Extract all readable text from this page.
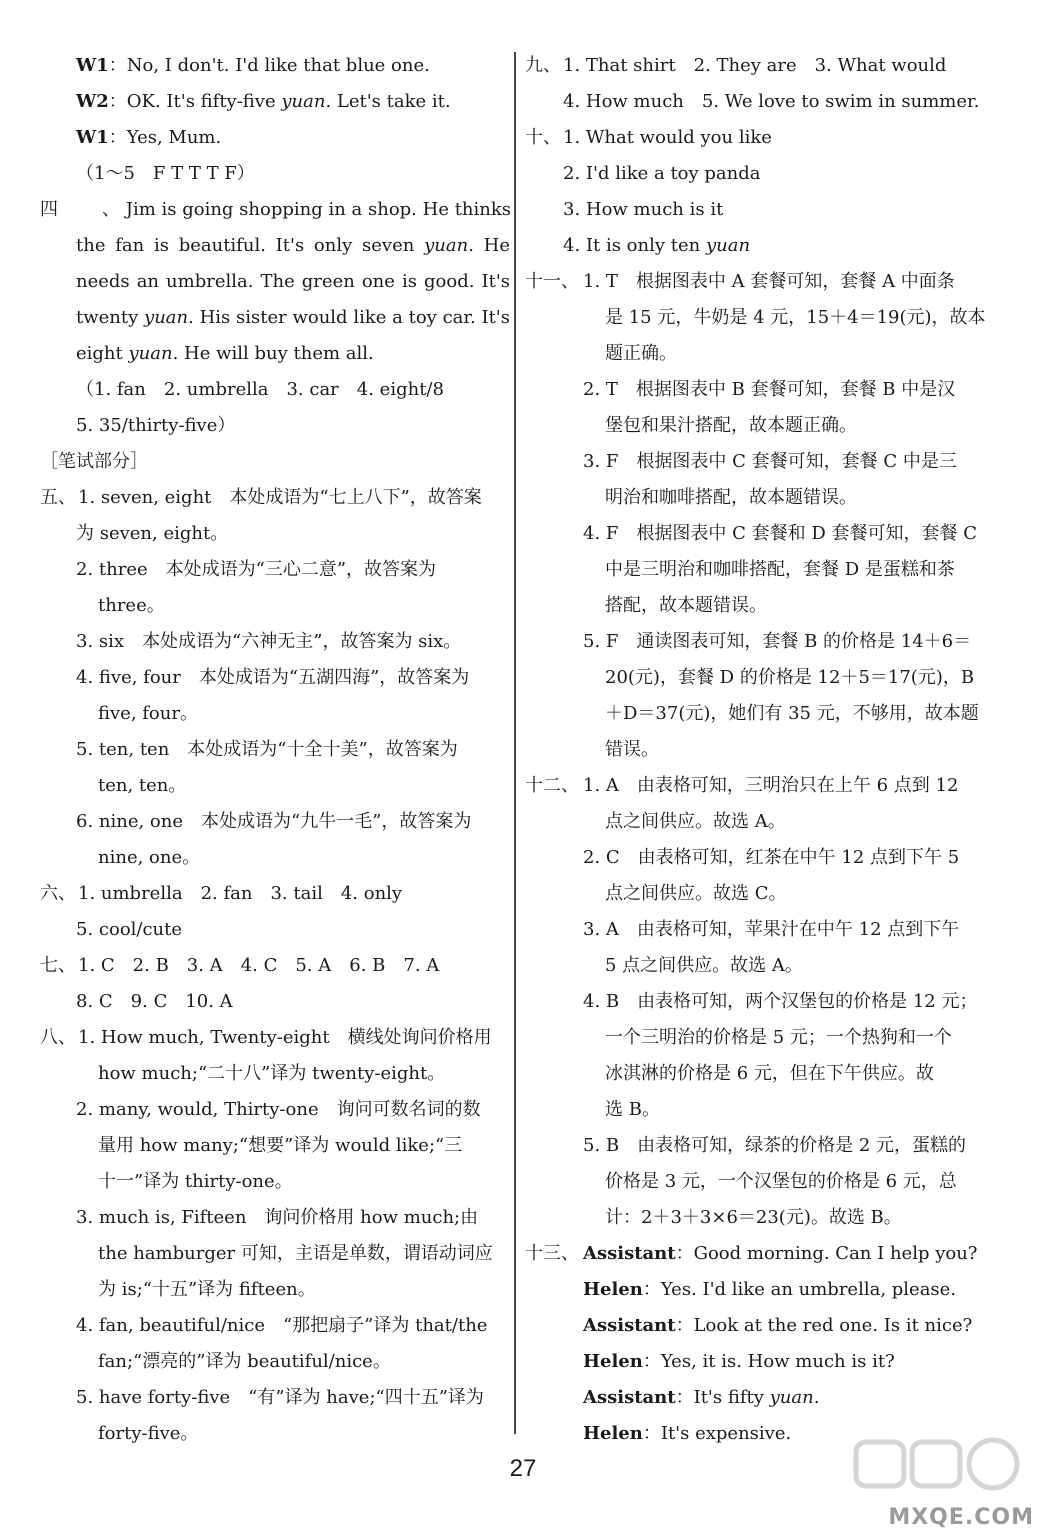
W1：No, I don't. I'd like that blue one.
W2：OK. It's fifty-five yuan. Let's take it.
W1：Yes, Mum.
（1～5　F T T T F）
四、 Jim is going shopping in a shop. He thinks
the fan is beautiful. It's only seven yuan. He
needs an umbrella. The green one is good. It's
twenty yuan. His sister would like a toy car. It's
eight yuan. He will buy them all.
（1. fan　2. umbrella　3. car　4. eight/8
5. 35/thirty-five）
［笔试部分］
五、 1. seven, eight　本处成语为“七上八下”，故答案
为 seven, eight。
2. three　本处成语为“三心二意”，故答案为
three。
3. six　本处成语为“六神无主”，故答案为 six。
4. five, four　本处成语为“五湖四海”，故答案为
five, four。
5. ten, ten　本处成语为“十全十美”，故答案为
ten, ten。
6. nine, one　本处成语为“九牛一毛”，故答案为
nine, one。
六、 1. umbrella　2. fan　3. tail　4. only
5. cool/cute
七、 1. C　2. B　3. A　4. C　5. A　6. B　7. A
8. C　9. C　10. A
八、 1. How much, Twenty-eight　横线处询问价格用
how much;“二十八”译为 twenty-eight。
2. many, would, Thirty-one　询问可数名词的数
量用 how many;“想要”译为 would like;“三
十一”译为 thirty-one。
3. much is, Fifteen　询问价格用 how much;由
the hamburger 可知，主语是单数，谓语动词应
为 is;“十五”译为 fifteen。
4. fan, beautiful/nice　“那把扇子”译为 that/the
fan;“漂亮的”译为 beautiful/nice。
5. have forty-five　“有”译为 have;“四十五”译为
forty-five。
九、 1. That shirt　2. They are　3. What would
4. How much　5. We love to swim in summer.
十、 1. What would you like
2. I'd like a toy panda
3. How much is it
4. It is only ten yuan
十一、 1. T　根据图表中 A 套餐可知，套餐 A 中面条
是 15 元，牛奶是 4 元，15＋4＝19(元)，故本
题正确。
2. T　根据图表中 B 套餐可知，套餐 B 中是汉
堡包和果汁搭配，故本题正确。
3. F　根据图表中 C 套餐可知，套餐 C 中是三
明治和咖啡搭配，故本题错误。
4. F　根据图表中 C 套餐和 D 套餐可知，套餐 C
中是三明治和咖啡搭配，套餐 D 是蛋糕和茶
搭配，故本题错误。
5. F　通读图表可知，套餐 B 的价格是 14＋6＝
20(元)，套餐 D 的价格是 12＋5＝17(元)，B
＋D＝37(元)，她们有 35 元，不够用，故本题
错误。
十二、 1. A　由表格可知，三明治只在上午 6 点到 12
点之间供应。故选 A。
2. C　由表格可知，红茶在中午 12 点到下午 5
点之间供应。故选 C。
3. A　由表格可知，苹果汁在中午 12 点到下午
5 点之间供应。故选 A。
4. B　由表格可知，两个汉堡包的价格是 12 元；
一个三明治的价格是 5 元；一个热狗和一个
冰淇淋的价格是 6 元，但在下午供应。故
选 B。
5. B　由表格可知，绿茶的价格是 2 元，蛋糕的
价格是 3 元，一个汉堡包的价格是 6 元，总
计：2＋3＋3×6＝23(元)。故选 B。
十三、 Assistant：Good morning. Can I help you?
Helen：Yes. I'd like an umbrella, please.
Assistant：Look at the red one. Is it nice?
Helen：Yes, it is. How much is it?
Assistant：It's fifty yuan.
Helen：It's expensive.
27
MXQE.COM
